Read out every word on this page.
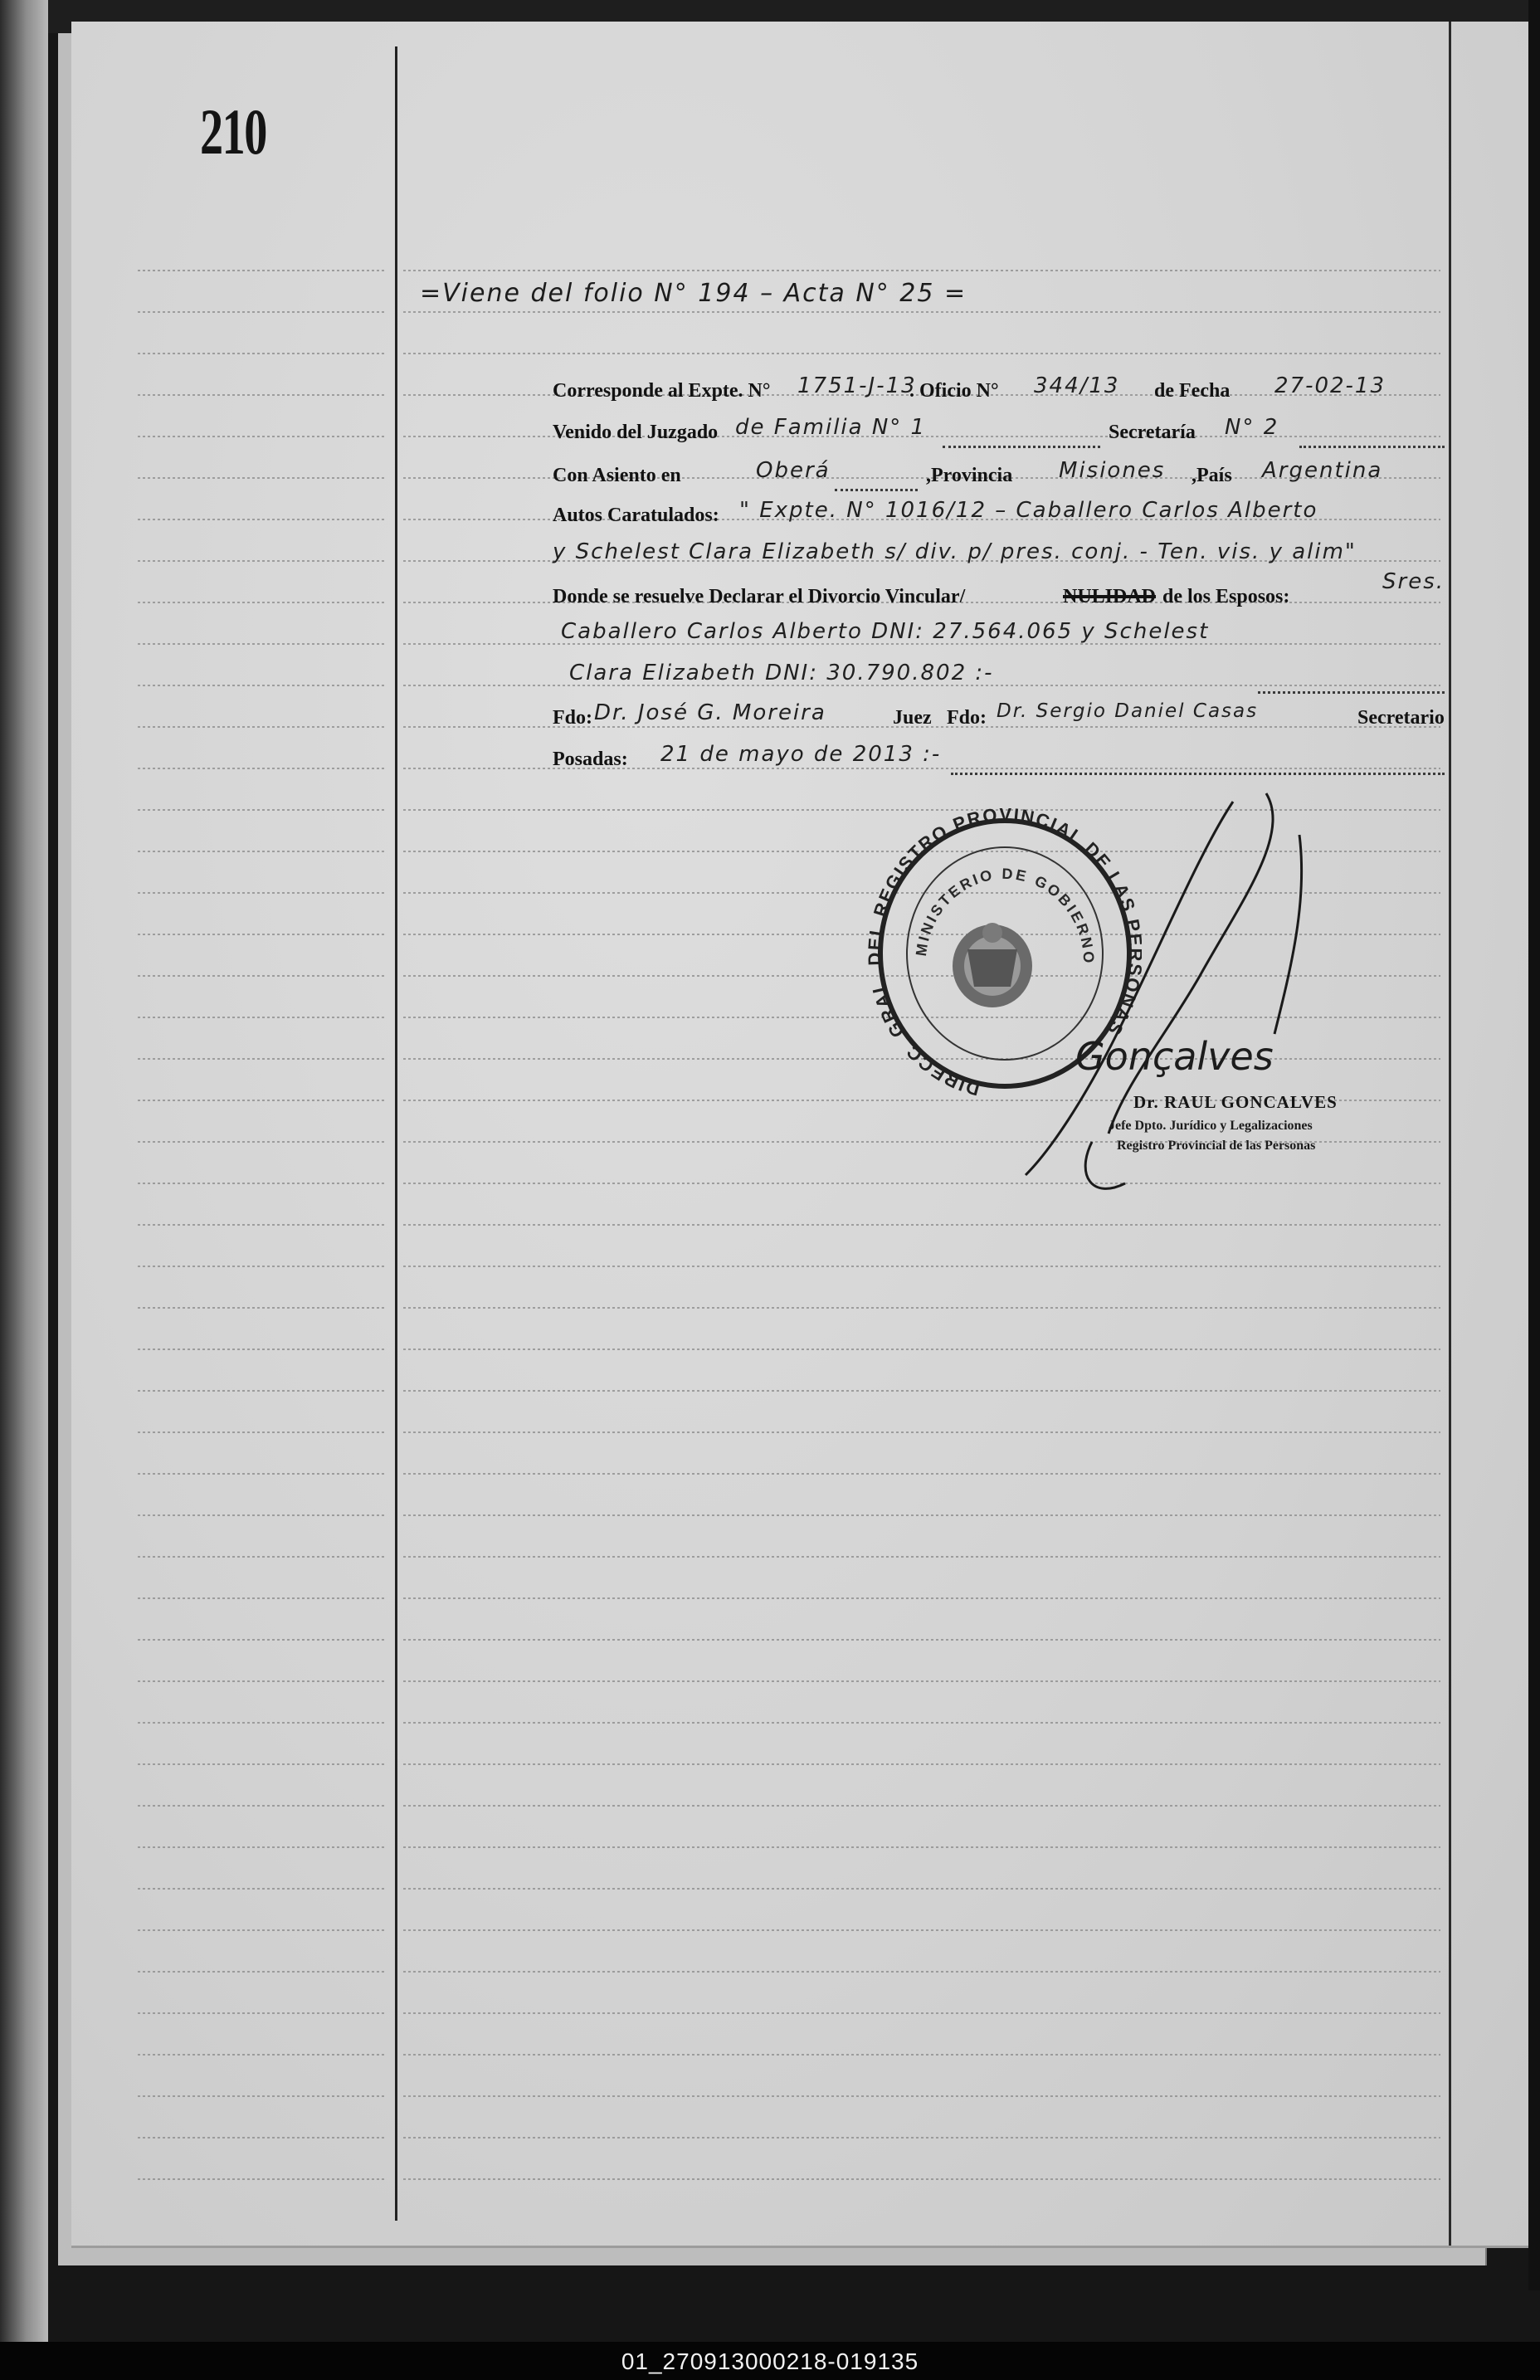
210
=Viene del folio N° 194 – Acta N° 25 =
Corresponde al Expte. N° 1751-J-13
. Oficio N° 344/13 de Fecha 27-02-13
Venido del Juzgado de Familia N° 1	Secretaría N° 2
Con Asiento en	Oberá	,Provincia Misiones ,País Argentina
Autos Caratulados: " Expte. N° 1016/12 – Caballero Carlos Alberto
y Schelest Clara Elizabeth s/ div. p/ pres. conj. - Ten. vis. y alim"
Donde se resuelve Declarar el Divorcio Vincular/	NULIDAD de los Esposos:
Sres.
Caballero Carlos Alberto DNI: 27.564.065 y Schelest
Clara Elizabeth DNI: 30.790.802 :-
Fdo: Dr. José G. Moreira	Juez Fdo: Dr. Sergio Daniel Casas	Secretario
Posadas: 21 de mayo de 2013 :-
DIRECC. GRAL REGISTRO PROVINCIAL DE LAS NAS
MINISTERIO DE GOBIERNO
Gonçalves
Dr. RAUL GONCALVES
Jefe Dpto. Jurídico y Legalizaciones
Registro Provincial de las Personas
01_270913000218-019135
